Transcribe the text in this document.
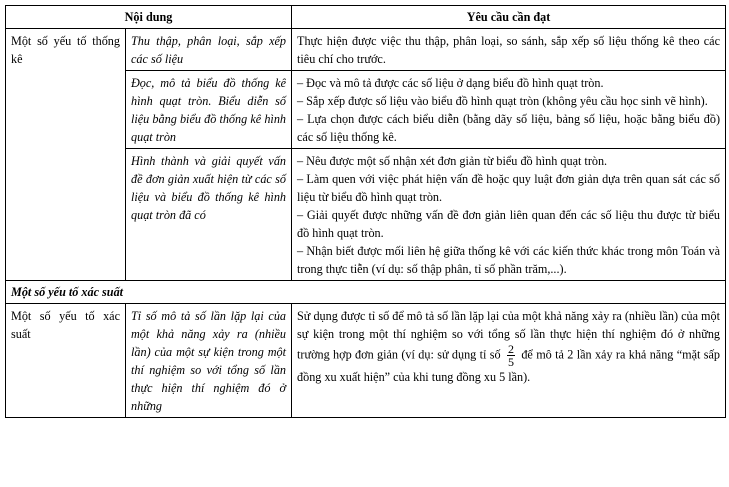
Nội dung		Yêu cầu cần đạt
Một số yếu tố thống kê	Thu thập, phân loại, sắp xếp các số liệu	Thực hiện được việc thu thập, phân loại, so sánh, sắp xếp số liệu thống kê theo các tiêu chí cho trước.

	Đọc, mô tả biểu đồ thống kê hình quạt tròn. Biểu diễn số liệu bằng biểu đồ thống kê hình quạt tròn	– Đọc và mô tả được các số liệu ở dạng biểu đồ hình quạt tròn.
– Sắp xếp được số liệu vào biểu đồ hình quạt tròn (không yêu cầu học sinh vẽ hình).
– Lựa chọn được cách biểu diễn (bằng dãy số liệu, bảng số liệu, hoặc bằng biểu đồ) các số liệu thống kê.

	Hình thành và giải quyết vấn đề đơn giản xuất hiện từ các số liệu và biểu đồ thống kê hình quạt tròn đã có	– Nêu được một số nhận xét đơn giản từ biểu đồ hình quạt tròn.
– Làm quen với việc phát hiện vấn đề hoặc quy luật đơn giản dựa trên quan sát các số liệu từ biểu đồ hình quạt tròn.
– Giải quyết được những vấn đề đơn giản liên quan đến các số liệu thu được từ biểu đồ hình quạt tròn.
– Nhận biết được mối liên hệ giữa thống kê với các kiến thức khác trong môn Toán và trong thực tiễn (ví dụ: số thập phân, tỉ số phần trăm,...).

Một số yếu tố xác suất		
Một số yếu tố xác suất	Tỉ số mô tả số lần lặp lại của một khả năng xảy ra (nhiều lần) của một sự kiện trong một thí nghiệm so với tổng số lần thực hiện thí nghiệm đó ở những	Sử dụng được tỉ số để mô tả số lần lặp lại của một khả năng xảy ra (nhiều lần) của một sự kiện trong một thí nghiệm so với tổng số lần thực hiện thí nghiệm đó ở những trường hợp đơn giản (ví dụ: sử dụng tỉ số $\frac{2}{5}$ để mô tả 2 lần xảy ra khả năng “mặt sấp đồng xu xuất hiện” của khi tung đồng xu 5 lần).
